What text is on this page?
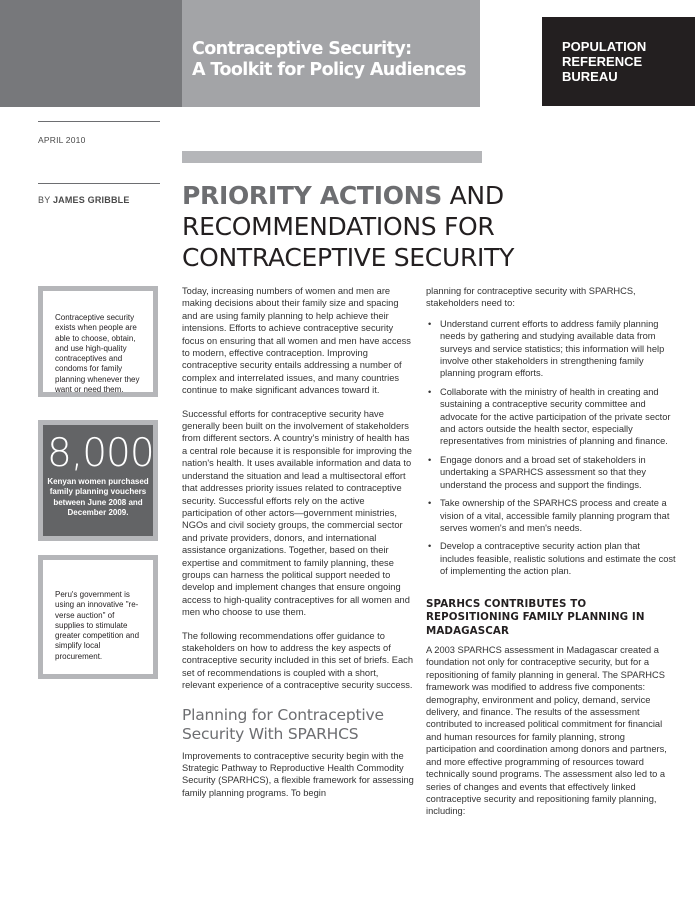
Contraceptive Security:
A Toolkit for Policy Audiences
POPULATION
REFERENCE
BUREAU
APRIL 2010
BY JAMES GRIBBLE PRIORITY ACTIONS AND
RECOMMENDATIONS FOR
CONTRACEPTIVE SECURITY

Contraceptive security exists when people are able to choose, obtain, and use high-quality contraceptives and condoms for family planning whenever they want or need them.

8,000

Kenyan women purchased family planning vouchers between June 2008 and December 2009.

Peru's government is using an innovative "re-verse auction" of supplies to stimulate greater competition and simplify local procurement.

Today, increasing numbers of women and men are making decisions about their family size and spacing and are using family planning to help achieve their intensions. Efforts to achieve contraceptive security focus on ensuring that all women and men have access to modern, effective contraception. Improving contraceptive security entails addressing a number of complex and interrelated issues, and many countries continue to make significant advances toward it.

Successful efforts for contraceptive security have generally been built on the involvement of stakeholders from different sectors. A country's ministry of health has a central role because it is responsible for improving the nation's health. It uses available information and data to understand the situation and lead a multisectoral effort that addresses priority issues related to contraceptive security. Successful efforts rely on the active participation of other actors—government ministries, NGOs and civil society groups, the commercial sector and private providers, donors, and international assistance organizations. Together, based on their expertise and commitment to family planning, these groups can harness the political support needed to develop and implement changes that ensure ongoing access to high-quality contraceptives for all women and men who choose to use them.

The following recommendations offer guidance to stakeholders on how to address the key aspects of contraceptive security included in this set of briefs. Each set of recommendations is coupled with a short, relevant experience of a contraceptive security success.

Planning for Contraceptive Security With SPARHCS

Improvements to contraceptive security begin with the Strategic Pathway to Reproductive Health Commodity Security (SPARHCS), a flexible framework for assessing family planning programs. To begin

planning for contraceptive security with SPARHCS, stakeholders need to:

• Understand current efforts to address family planning needs by gathering and studying available data from surveys and service statistics; this information will help involve other stakeholders in strengthening family planning program efforts.
• Collaborate with the ministry of health in creating and sustaining a contraceptive security committee and advocate for the active participation of the private sector and actors outside the health sector, especially representatives from ministries of planning and finance.
• Engage donors and a broad set of stakeholders in undertaking a SPARHCS assessment so that they understand the process and support the findings.
• Take ownership of the SPARHCS process and create a vision of a vital, accessible family planning program that serves women's and men's needs.
• Develop a contraceptive security action plan that includes feasible, realistic solutions and estimate the cost of implementing the action plan.
SPARHCS CONTRIBUTES TO REPOSITIONING FAMILY PLANNING IN MADAGASCAR

A 2003 SPARHCS assessment in Madagascar created a foundation not only for contraceptive security, but for a repositioning of family planning in general. The SPARHCS framework was modified to address five components: demography, environment and policy, demand, service delivery, and finance. The results of the assessment contributed to increased political commitment for financial and human resources for family planning, strong participation and coordination among donors and partners, and more effective programming of resources toward technically sound programs. The assessment also led to a series of changes and events that effectively linked contraceptive security and repositioning family planning, including:
